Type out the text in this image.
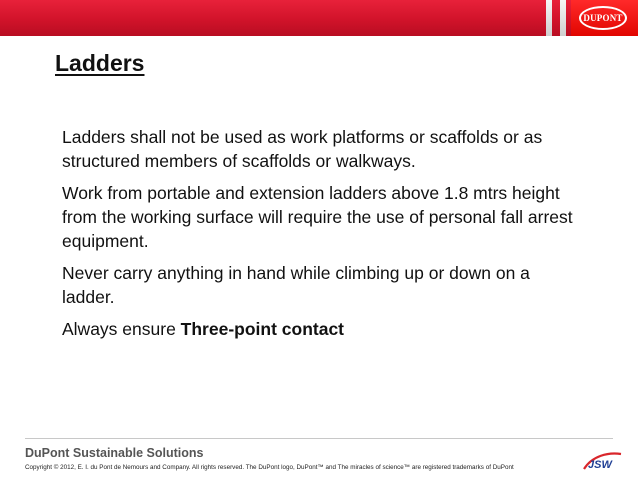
DUPONT
Ladders

Ladders shall not be used as work platforms or scaffolds or as structured members of scaffolds or walkways.

Work from portable and extension ladders above 1.8 mtrs height from the working surface will require the use of personal fall arrest equipment.

Never carry anything in hand while climbing up or down on a ladder.

Always ensure Three-point contact

DuPont Sustainable Solutions
Copyright © 2012, E. I. du Pont de Nemours and Company. All rights reserved. The DuPont logo, DuPont™ and The miracles of science™ are registered trademarks of DuPont	JSW
